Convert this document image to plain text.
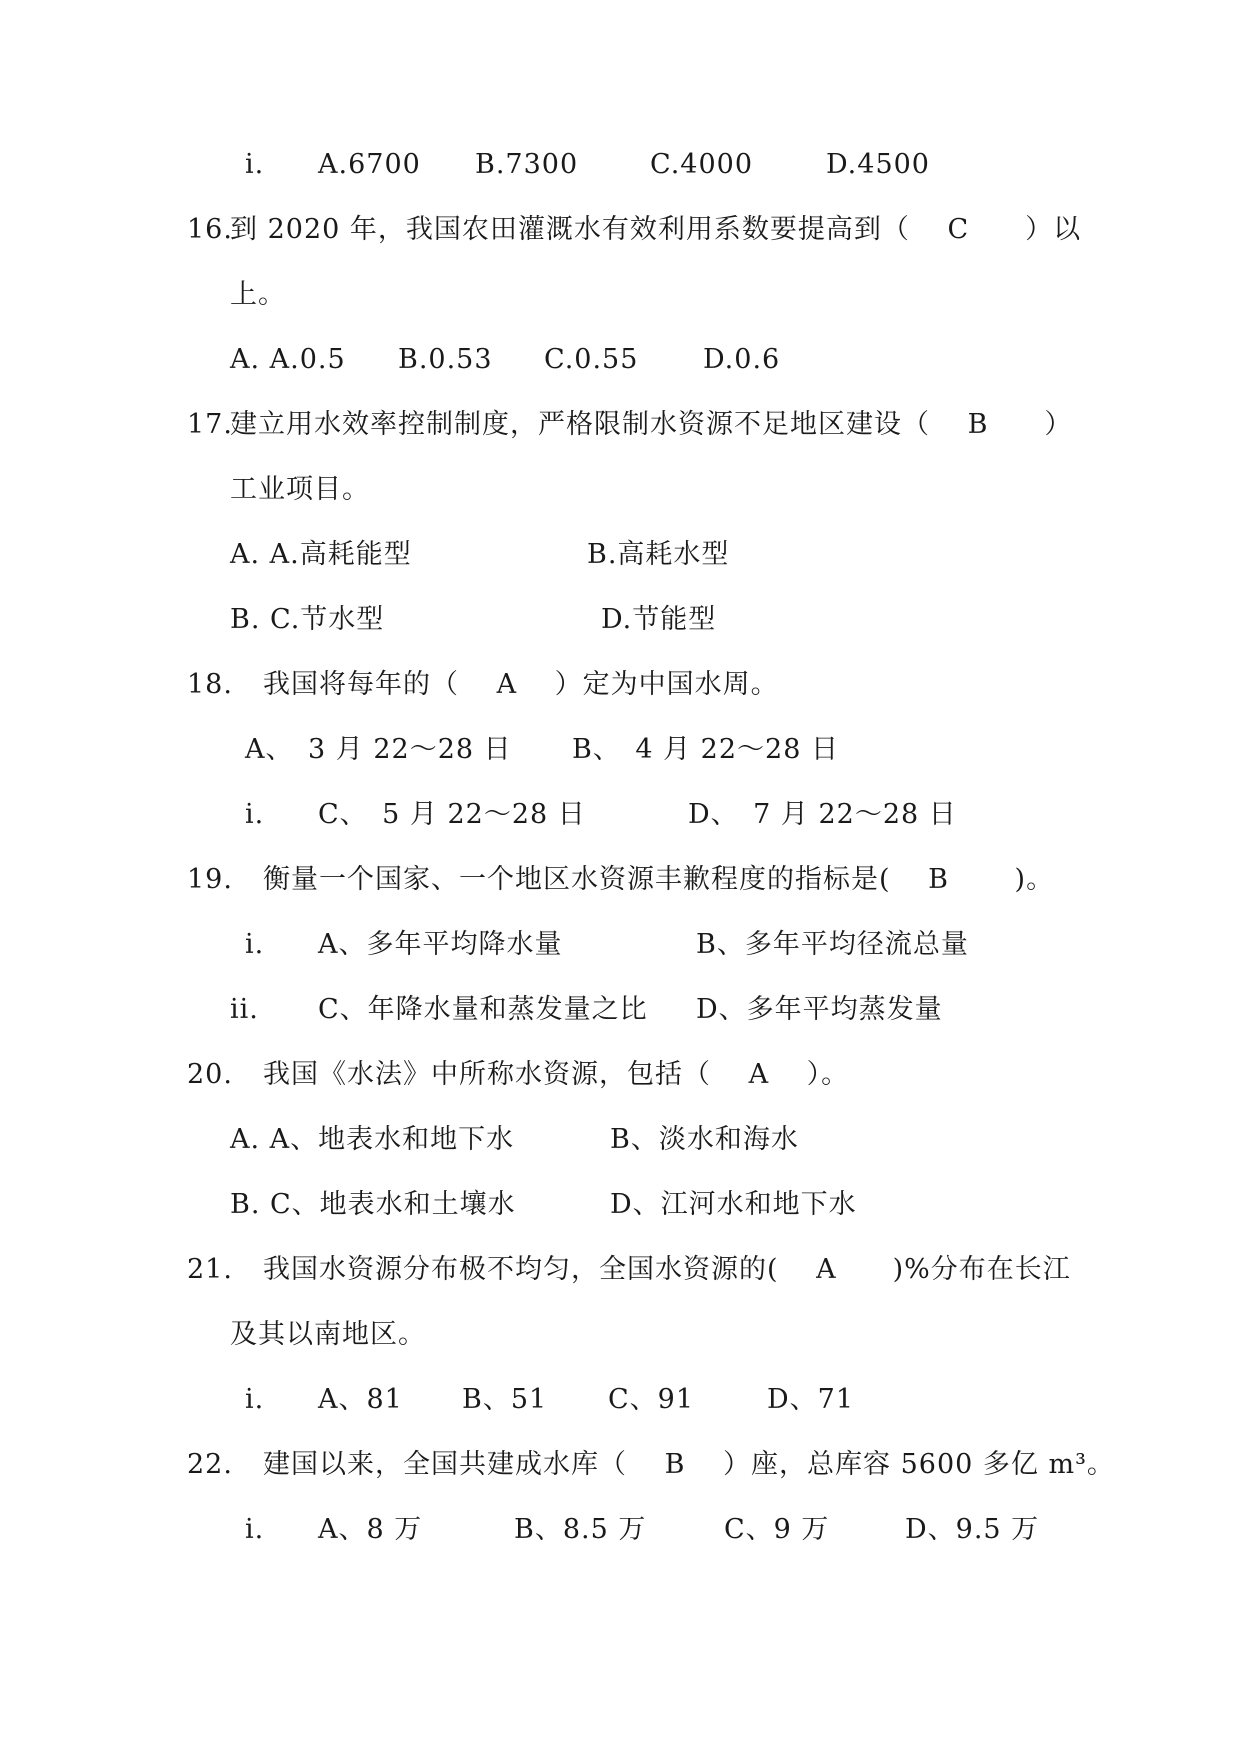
i. A.6700 B.7300	C.4000	D.4500
16.
到 2020 年，我国农田灌溉水有效利用系数要提高到（　 C　　）以
上。
A. A.0.5 B.0.53 C.0.55 D.0.6
17.
建立用水效率控制制度，严格限制水资源不足地区建设（　 B　　）
工业项目。
A. A.高耗能型	B.高耗水型
B. C.节水型	D.节能型
18. 我国将每年的（　 A　 ）定为中国水周。
A、　3 月 22～28 日 B、　4 月 22～28 日
i. C、　5 月 22～28 日	D、　7 月 22～28 日
19. 衡量一个国家、一个地区水资源丰歉程度的指标是(　 B　　 )。
i. A、多年平均降水量	B、多年平均径流总量
ii. C、年降水量和蒸发量之比 D、多年平均蒸发量
20. 我国《水法》中所称水资源，包括（　 A　 ）。
A. A、地表水和地下水	B、淡水和海水
B. C、地表水和土壤水	D、江河水和地下水
21. 我国水资源分布极不均匀，全国水资源的(　 A　　)%分布在长江
及其以南地区。
i. A、81 B、51 C、91	D、71
22. 建国以来，全国共建成水库（　 B　 ）座，总库容 5600 多亿 m³。
i. A、8 万	B、8.5 万	C、9 万	D、9.5 万
